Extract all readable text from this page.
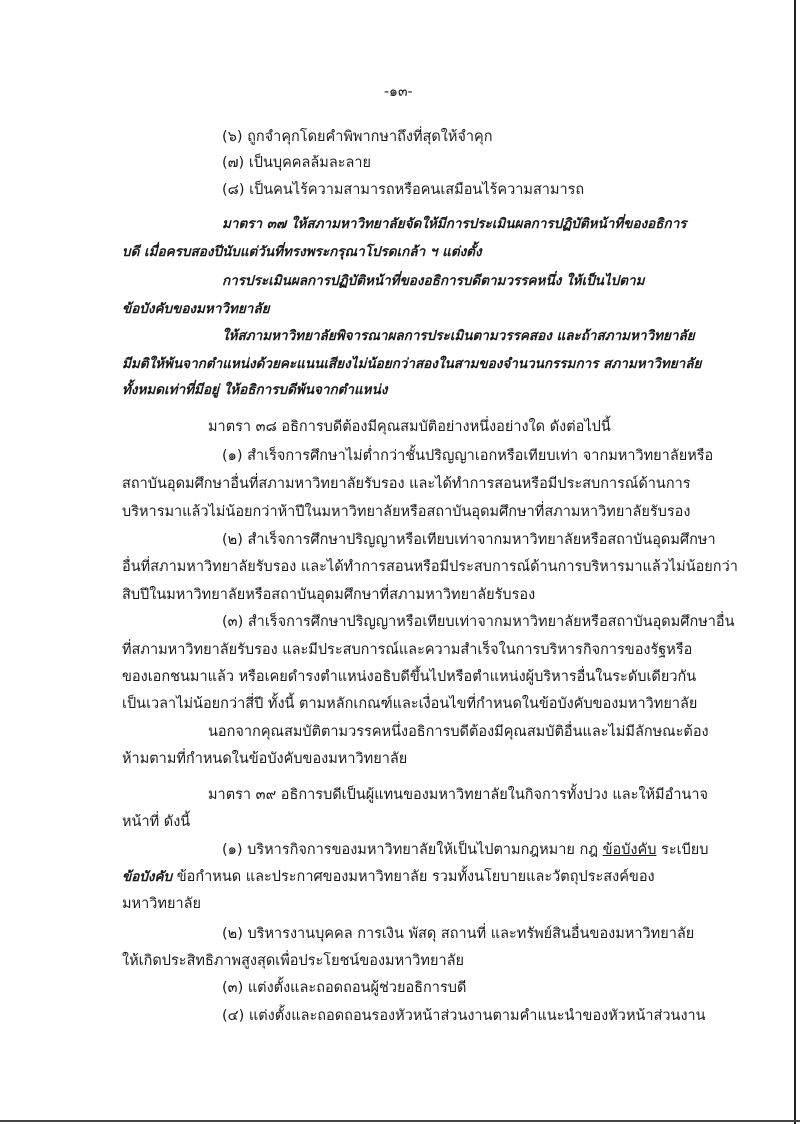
-๑๓-
(๖) ถูกจำคุกโดยคำพิพากษาถึงที่สุดให้จำคุก
(๗) เป็นบุคคลล้มละลาย
(๘) เป็นคนไร้ความสามารถหรือคนเสมือนไร้ความสามารถ
มาตรา ๓๗ ให้สภามหาวิทยาลัยจัดให้มีการประเมินผลการปฏิบัติหน้าที่ของอธิการ
บดี เมื่อครบสองปีนับแต่วันที่ทรงพระกรุณาโปรดเกล้า ฯ แต่งตั้ง
การประเมินผลการปฏิบัติหน้าที่ของอธิการบดีตามวรรคหนึ่ง ให้เป็นไปตาม
ข้อบังคับของมหาวิทยาลัย
ให้สภามหาวิทยาลัยพิจารณาผลการประเมินตามวรรคสอง และถ้าสภามหาวิทยาลัย
มีมติให้พ้นจากตำแหน่งด้วยคะแนนเสียงไม่น้อยกว่าสองในสามของจำนวนกรรมการ สภามหาวิทยาลัย
ทั้งหมดเท่าที่มีอยู่ ให้อธิการบดีพ้นจากตำแหน่ง
มาตรา ๓๘ อธิการบดีต้องมีคุณสมบัติอย่างหนึ่งอย่างใด ดังต่อไปนี้
(๑) สำเร็จการศึกษาไม่ต่ำกว่าชั้นปริญญาเอกหรือเทียบเท่า จากมหาวิทยาลัยหรือ
สถาบันอุดมศึกษาอื่นที่สภามหาวิทยาลัยรับรอง และได้ทำการสอนหรือมีประสบการณ์ด้านการ
บริหารมาแล้วไม่น้อยกว่าห้าปีในมหาวิทยาลัยหรือสถาบันอุดมศึกษาที่สภามหาวิทยาลัยรับรอง
(๒) สำเร็จการศึกษาปริญญาหรือเทียบเท่าจากมหาวิทยาลัยหรือสถาบันอุดมศึกษา
อื่นที่สภามหาวิทยาลัยรับรอง และได้ทำการสอนหรือมีประสบการณ์ด้านการบริหารมาแล้วไม่น้อยกว่า
สิบปีในมหาวิทยาลัยหรือสถาบันอุดมศึกษาที่สภามหาวิทยาลัยรับรอง
(๓) สำเร็จการศึกษาปริญญาหรือเทียบเท่าจากมหาวิทยาลัยหรือสถาบันอุดมศึกษาอื่น
ที่สภามหาวิทยาลัยรับรอง และมีประสบการณ์และความสำเร็จในการบริหารกิจการของรัฐหรือ
ของเอกชนมาแล้ว หรือเคยดำรงตำแหน่งอธิบดีขึ้นไปหรือตำแหน่งผู้บริหารอื่นในระดับเดียวกัน
เป็นเวลาไม่น้อยกว่าสี่ปี ทั้งนี้ ตามหลักเกณฑ์และเงื่อนไขที่กำหนดในข้อบังคับของมหาวิทยาลัย
นอกจากคุณสมบัติตามวรรคหนึ่งอธิการบดีต้องมีคุณสมบัติอื่นและไม่มีลักษณะต้อง
ห้ามตามที่กำหนดในข้อบังคับของมหาวิทยาลัย
มาตรา ๓๙ อธิการบดีเป็นผู้แทนของมหาวิทยาลัยในกิจการทั้งปวง และให้มีอำนาจ
หน้าที่ ดังนี้
(๑) บริหารกิจการของมหาวิทยาลัยให้เป็นไปตามกฎหมาย กฎ ข้อบังคับ ระเบียบ
ข้อบังคับ ข้อกำหนด และประกาศของมหาวิทยาลัย รวมทั้งนโยบายและวัตถุประสงค์ของ
มหาวิทยาลัย
(๒) บริหารงานบุคคล การเงิน พัสดุ สถานที่ และทรัพย์สินอื่นของมหาวิทยาลัย
ให้เกิดประสิทธิภาพสูงสุดเพื่อประโยชน์ของมหาวิทยาลัย
(๓) แต่งตั้งและถอดถอนผู้ช่วยอธิการบดี
(๔) แต่งตั้งและถอดถอนรองหัวหน้าส่วนงานตามคำแนะนำของหัวหน้าส่วนงาน
